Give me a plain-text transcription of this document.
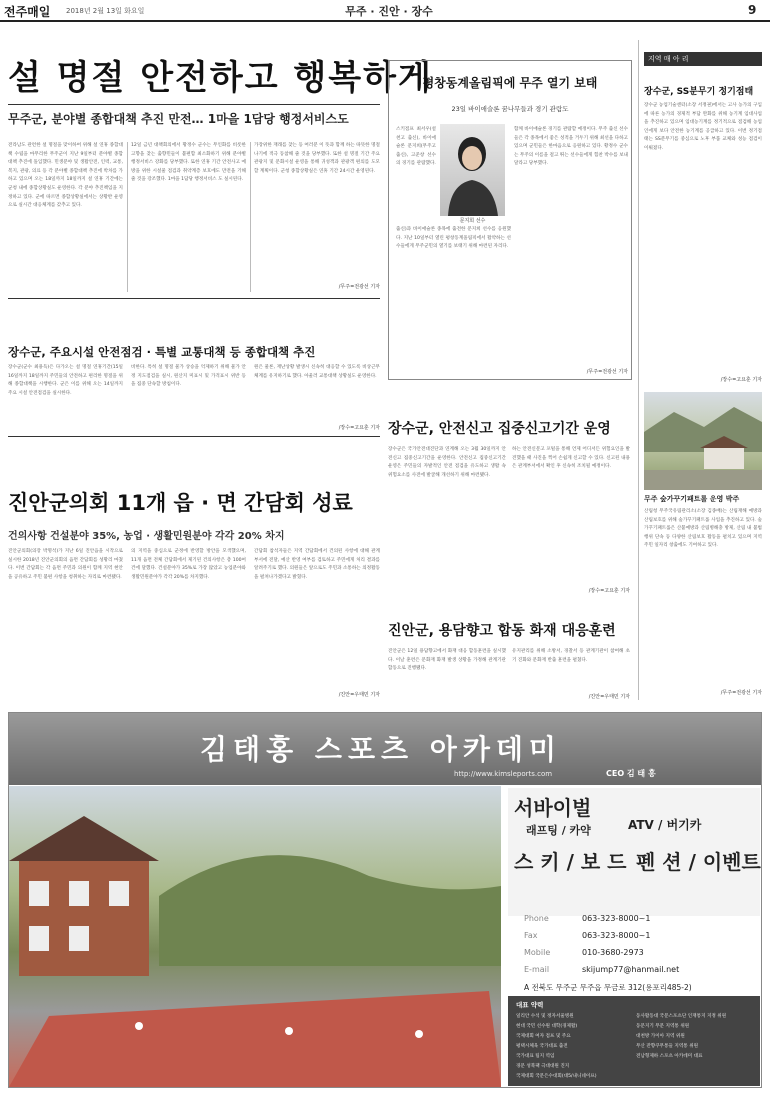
전주매일 2018년 2월 13일 화요일	무주 · 진안 · 장수	9
설 명절 안전하고 행복하게
무주군, 분야별 종합대책 추진 만전… 1마을 1담당 행정서비스도

전라남도 관련한 설 명절을 맞이하여 위해 설 연휴 종합대책 수립을 마무리한 무주군이 지난 9일부터 분야별 종합대책 추진에 돌입했다. 민생분야 및 생활안전, 인력, 교통, 복지, 관광, 의료 등 각 분야별 종합대책 추진에 박차를 가하고 있으며 오는 18일까지 18일까지 설 연휴 기간에는 군청 내에 종합상황실도 운영한다. 각 분야 추진책임을 지정하고 있다. 군에 따르면 종합상황실에서는 상황반 운영으로 실시간 대응체계를 갖추고 있다.

12일 금년 대책회의에서 황정수 군수는 무인화를 비롯한 고향을 찾는 출향민들이 불편함 최소화하기 위해 분야별 행정서비스 강화를 당부했다. 또한 연휴 기간 안전사고 예방을 위한 시설물 점검과 취약계층 보호에도 만전을 기해줄 것을 강조했다. 1마을 1담당 행정서비스 도 실시된다.

가장위한 재래를 찾는 등 여러분 이 뜻과 함께 하는 따뜻한 명절 나기에 적극 동참해 줄 것을 당부했다. 또한 설 명절 기간 주요 관광지 및 문화시설 운영을 통해 귀성객과 관광객 편의를 도모할 계획이다. 군청 종합상황실은 연휴 기간 24시간 운영된다.

/무주=전광선 기자
장수군, 주요시설 안전점검 · 특별 교통대책 등 종합대책 추진

장수군(군수 최용득)은 다가오는 설 명절 연휴기간(15일 16일까지 18일까지 주민들의 안전하고 편리한 명절을 위해 종합대책을 시행한다. 군은 이를 위해 오는 14일까지 주요 시설 안전점검을 실시한다.

비한다. 특히 설 명절 물가 상승을 억제하기 위해 물가 안정 지도점검을 실시, 원산지 미표시 및 가격표시 위반 등을 집중 단속할 방침이다.

원은 물론, 재난상황 발생시 신속히 대응할 수 있도록 비상근무체계를 유지하기로 했다. 아울러 교통대책 상황실도 운영한다.

/장수=고요훈 기자
진안군의회 11개 읍 · 면 간담회 성료
건의사항 건설분야 35%, 농업 · 생활민원분야 각각 20% 차지

진안군의회(의장 박명석)가 지난 6일 진안읍을 시작으로 실시한 2018년 진안군의회의 읍면 간담회를 성황리 마쳤다. 이번 간담회는 각 읍면 주민과 의원이 함께 지역 현안을 공유하고 주민 불편 사항을 청취하는 자리로 마련됐다.

의 지역을 중심으로 군정에 반영할 방안을 모색했으며, 11개 읍면 전체 간담회에서 제기된 건의사항은 총 100여건에 달했다. 건설분야가 35%로 가장 많았고 농업분야와 생활민원분야가 각각 20%를 차지했다.

간담회 참석자들은 지역 간담회에서 건의된 사항에 대해 관계 부서에 전달, 예산 반영 여부를 검토하고 주민에게 처리 결과를 알려주기로 했다. 의원들은 앞으로도 주민과 소통하는 의정활동을 펼쳐나가겠다고 밝혔다.

/진안=우태민 기자
평창동계올림픽에 무주 열기 보태
23일 바이애슬론 꿈나무들과 경기 관람도

스키점프 최서우(설천고 출신), 바이애슬론 문지희(무주고 출신), 고준창 선수의 경기를 관람했다.

문지희 선수

출신)과 바이애슬론 종목에 출전한 문지희 선수를 응원했다. 지난 10일부터 열린 평창동계올림픽에서 활약하는 선수들에게 무주군민의 열기를 보태기 위해 마련된 자리다.

함께 바이애슬론 경기를 관람할 예정이다. 무주 출신 선수들은 각 종목에서 좋은 성적을 거두기 위해 최선을 다하고 있으며 군민들은 한마음으로 응원하고 있다. 황정수 군수는 무주의 이름을 걸고 뛰는 선수들에게 힘찬 박수를 보내달라고 당부했다.

/무주=전광선 기자
장수군, 안전신고 집중신고기간 운영

장수군은 국가안전대진단과 연계해 오는 3월 30일까지 안전신고 집중신고기간을 운영한다. 안전신고 집중신고기간 운영은 주민들의 자발적인 안전 점검을 유도하고 생활 속 위험요소를 사전에 발굴해 개선하기 위해 마련됐다.

하는 안전신문고 포털을 통해 언제 어디서든 위험요인을 발견했을 때 사진을 찍어 손쉽게 신고할 수 있다. 신고된 내용은 관계부서에서 확인 후 신속히 조치될 예정이다.

/장수=고요훈 기자
진안군, 용담향고 합동 화재 대응훈련

진안군은 12일 용담향고에서 화재 대응 합동훈련을 실시했다. 이날 훈련은 문화재 화재 발생 상황을 가정해 관계기관 합동으로 진행됐다.

유지관리를 위해 소방서, 경찰서 등 관계기관이 참여해 초기 진화와 문화재 반출 훈련을 펼쳤다.

/진안=우태민 기자
지역 매 아 리
장수군, SS분무기 정기점태

장수군 농업기술센터(소장 서정권)에서는 고사 농가의 구입에 따른 농가의 경제적 부담 완화를 위해 농기계 임대사업을 추진하고 있으며 임대농기계를 정기적으로 점검해 농업인에게 보다 안전한 농기계를 공급하고 있다. 이번 정기점태는 SS분무기를 중심으로 노후 부품 교체와 성능 점검이 이뤄졌다.

/장수=고요훈 기자
무주 숲가꾸기패트롤 운영 박주

산림청 무주국유림관리소(소장 김종배)는 산림재해 예방과 산림보호를 위해 숲가꾸기패트롤 사업을 추진하고 있다. 숲가꾸기패트롤은 산불예방과 산림병해충 방제, 산림 내 불법행위 단속 등 다양한 산림보호 활동을 펼치고 있으며 지역 주민 일자리 창출에도 기여하고 있다.

/무주=전광선 기자
김태홍 스포츠 아카데미
http://www.kimsleports.com	CEO 김 태 홍
서바이벌
래프팅 / 카약	ATV / 버기카
스 키 / 보 드 펜 션 / 이벤트
Phone	063-323-8000~1
Fax	063-323-8000~1
Mobile	010-3680-2973
E-mail	skijump77@hanmail.net
A 전북도 무주군 무주읍 무금로 312(용포리485-2)
대표 약력
일리안 수석 및 정자서울병원
현대 국민 선수원 대학(경제활)
국제대회 여자 점프 및 주요
평택시체육 국가대표 출전
국가대표 팀지 역임
경문 성북팩 극대대원 진지
국제대회 국문은수대회(대5/내니네이프)
동사활동대 국문스포츠단 인재통지 지정 위원
동문지기 무문 지역통 위원
대천방 가이아 지역 위원
무산 잔향쿠무통들 지역통 위원
전남형제하 스포츠 아카데미 대표
